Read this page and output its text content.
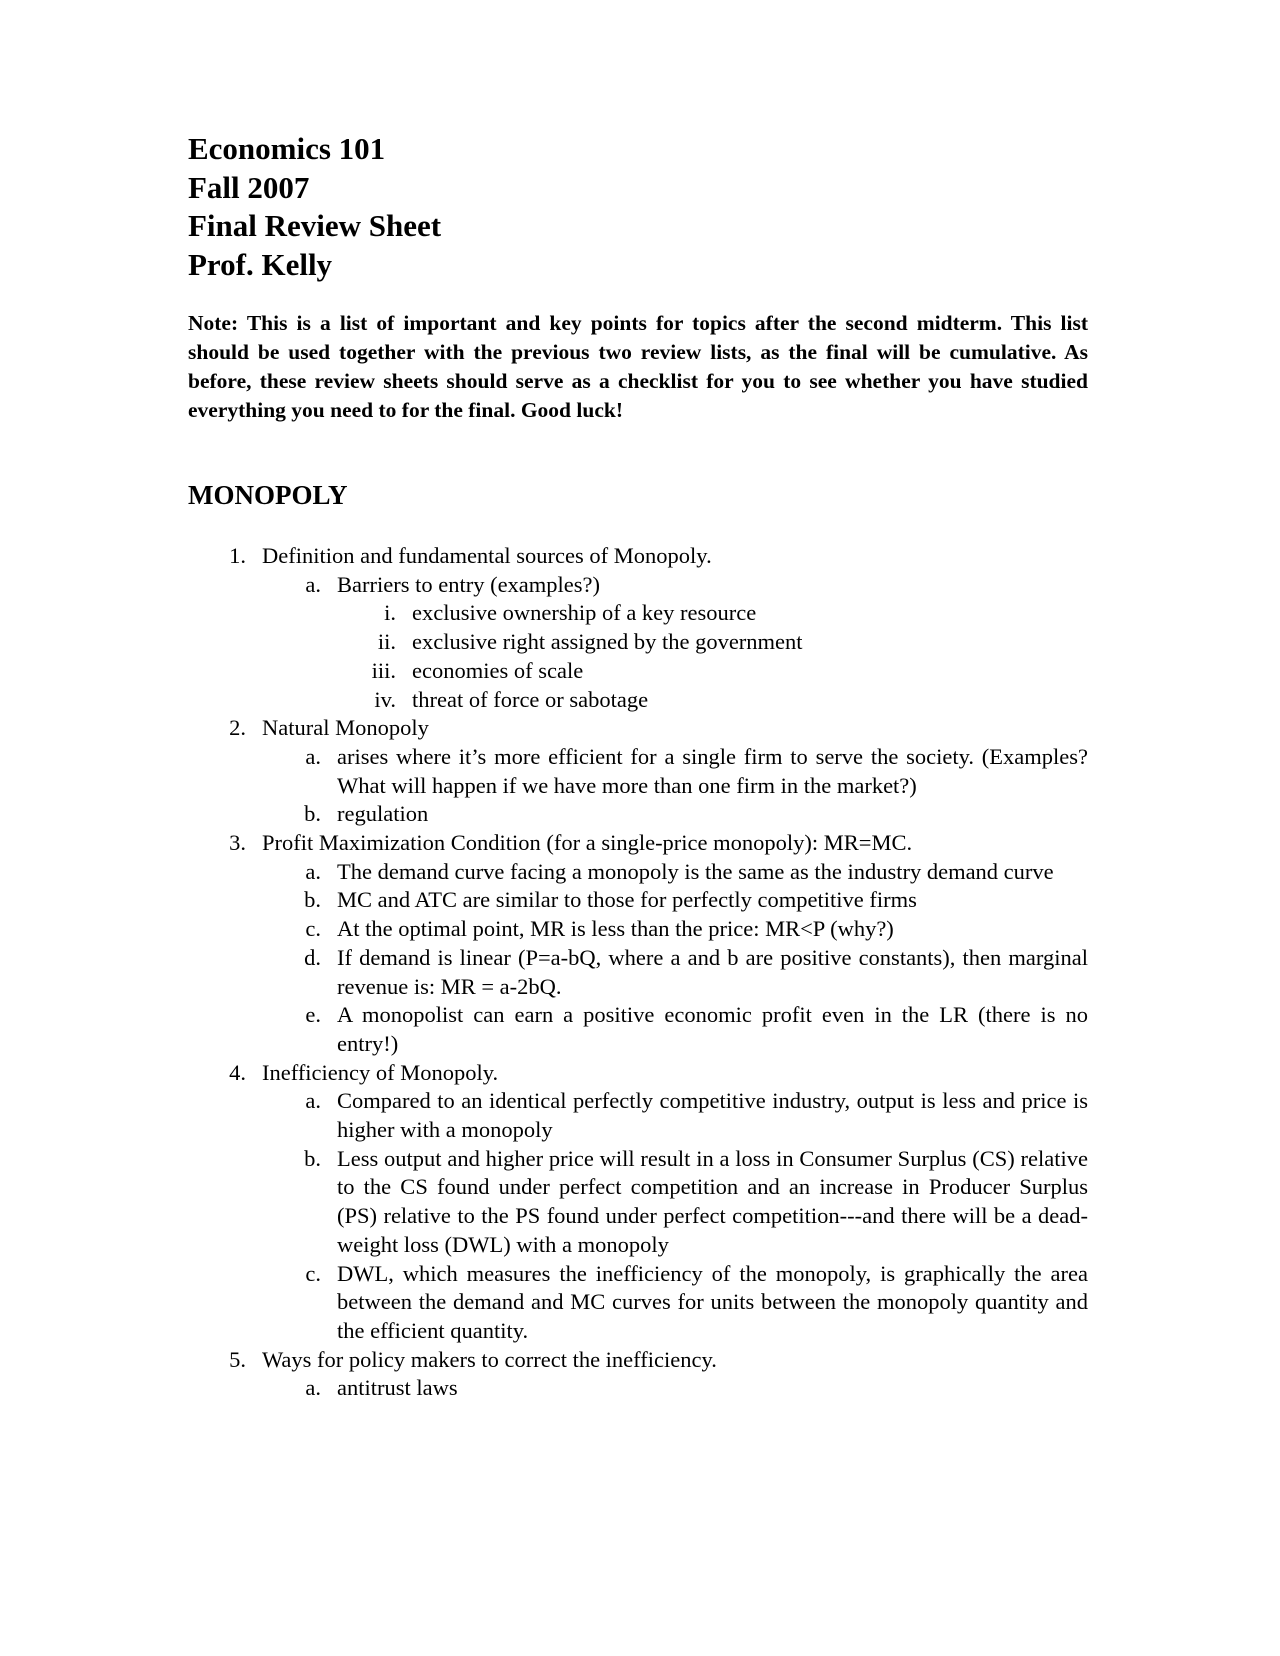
Economics 101
Fall 2007
Final Review Sheet
Prof. Kelly
Note: This is a list of important and key points for topics after the second midterm. This list should be used together with the previous two review lists, as the final will be cumulative. As before, these review sheets should serve as a checklist for you to see whether you have studied everything you need to for the final. Good luck!
MONOPOLY
1. Definition and fundamental sources of Monopoly.
a. Barriers to entry (examples?)
i. exclusive ownership of a key resource
ii. exclusive right assigned by the government
iii. economies of scale
iv. threat of force or sabotage
2. Natural Monopoly
a. arises where it’s more efficient for a single firm to serve the society. (Examples? What will happen if we have more than one firm in the market?)
b. regulation
3. Profit Maximization Condition (for a single-price monopoly): MR=MC.
a. The demand curve facing a monopoly is the same as the industry demand curve
b. MC and ATC are similar to those for perfectly competitive firms
c. At the optimal point, MR is less than the price: MR<P (why?)
d. If demand is linear (P=a-bQ, where a and b are positive constants), then marginal revenue is: MR = a-2bQ.
e. A monopolist can earn a positive economic profit even in the LR (there is no entry!)
4. Inefficiency of Monopoly.
a. Compared to an identical perfectly competitive industry, output is less and price is higher with a monopoly
b. Less output and higher price will result in a loss in Consumer Surplus (CS) relative to the CS found under perfect competition and an increase in Producer Surplus (PS) relative to the PS found under perfect competition---and there will be a dead-weight loss (DWL) with a monopoly
c. DWL, which measures the inefficiency of the monopoly, is graphically the area between the demand and MC curves for units between the monopoly quantity and the efficient quantity.
5. Ways for policy makers to correct the inefficiency.
a. antitrust laws
